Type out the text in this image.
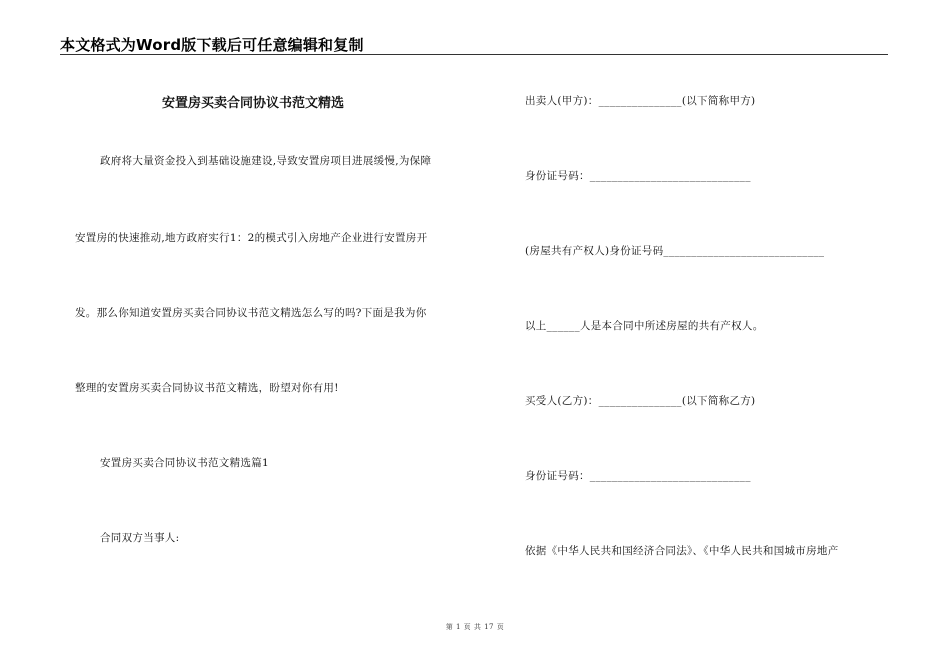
本文格式为Word版下载后可任意编辑和复制
安置房买卖合同协议书范文精选
政府将大量资金投入到基础设施建设,导致安置房项目进展缓慢,为保障
安置房的快速推动,地方政府实行1：2的模式引入房地产企业进行安置房开
发。那么你知道安置房买卖合同协议书范文精选怎么写的吗?下面是我为你
整理的安置房买卖合同协议书范文精选，盼望对你有用!
安置房买卖合同协议书范文精选篇1
合同双方当事人:
出卖人(甲方)：_______________(以下简称甲方)
身份证号码：_____________________________
(房屋共有产权人)身份证号码_____________________________
以上______人是本合同中所述房屋的共有产权人。
买受人(乙方)：_______________(以下简称乙方)
身份证号码：_____________________________
依据《中华人民共和国经济合同法》、《中华人民共和国城市房地产
第 1 页 共 17 页
